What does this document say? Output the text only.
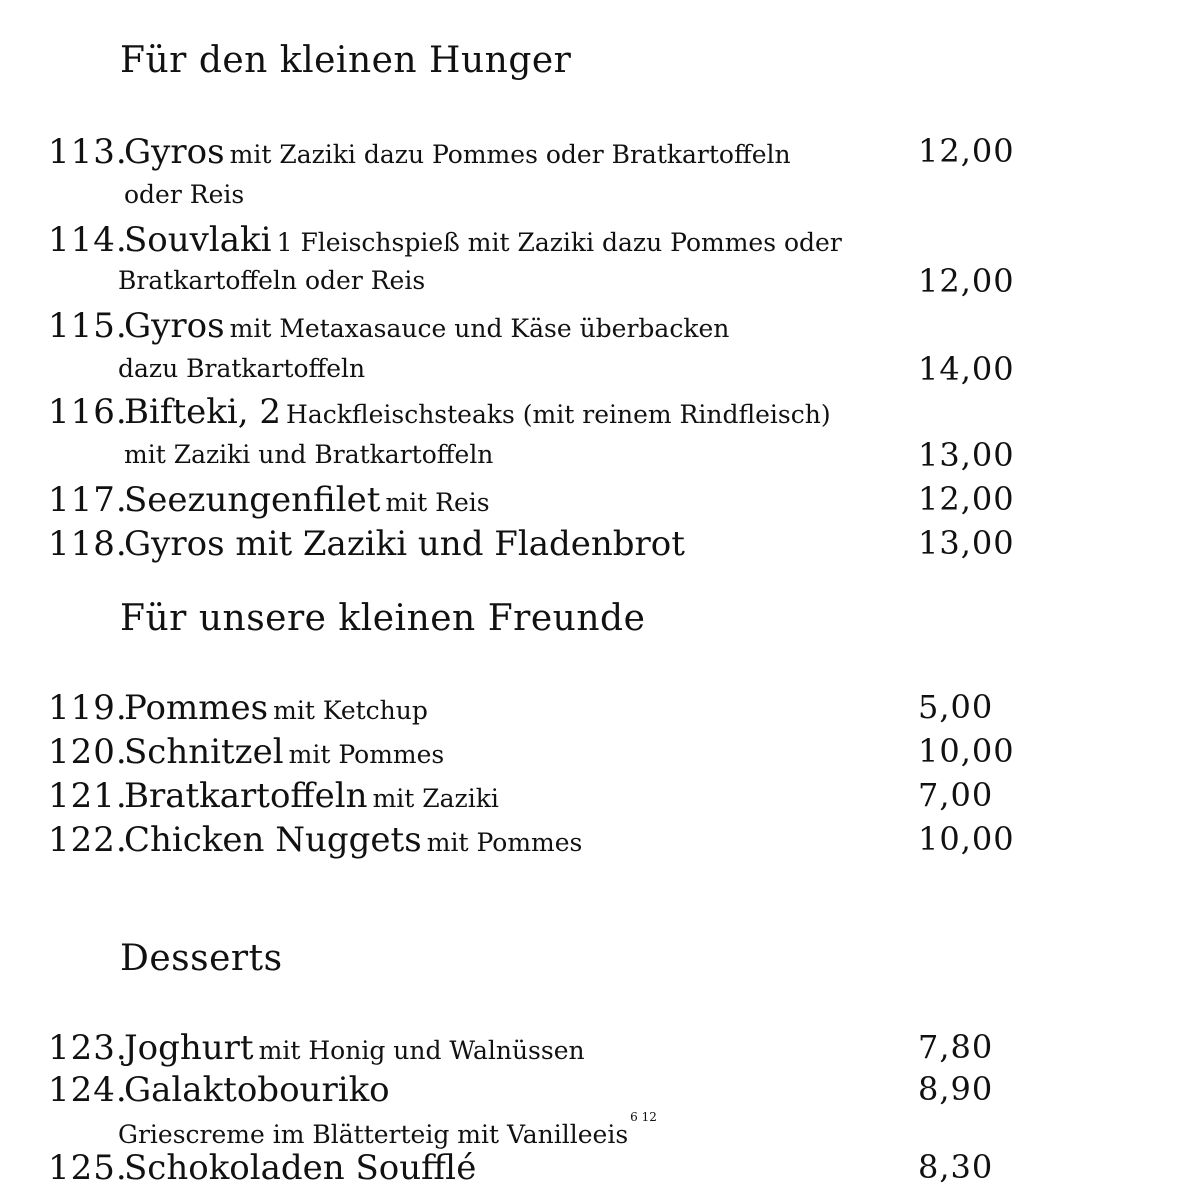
Für den kleinen Hunger
113.
Gyros mit Zaziki dazu Pommes oder Bratkartoffeln	12,00
oder Reis
114.
Souvlaki 1 Fleischspieß mit Zaziki dazu Pommes oder
Bratkartoffeln oder Reis	12,00
115.
Gyros mit Metaxasauce und Käse überbacken
dazu Bratkartoffeln	14,00
116.
Bifteki, 2 Hackfleischsteaks (mit reinem Rindfleisch)
mit Zaziki und Bratkartoffeln	13,00
117.
Seezungenfilet mit Reis	12,00
118.
Gyros mit Zaziki und Fladenbrot	13,00
Für unsere kleinen Freunde
119.
Pommes mit Ketchup	5,00
120.
Schnitzel mit Pommes	10,00
121.
Bratkartoffeln mit Zaziki	7,00
122.
Chicken Nuggets mit Pommes	10,00
Desserts
123.
Joghurt mit Honig und Walnüssen	7,80
124.
Galaktobouriko	8,90
Griescreme im Blätterteig mit Vanilleeis$^{6 12}$
125.
Schokoladen Soufflé	8,30
